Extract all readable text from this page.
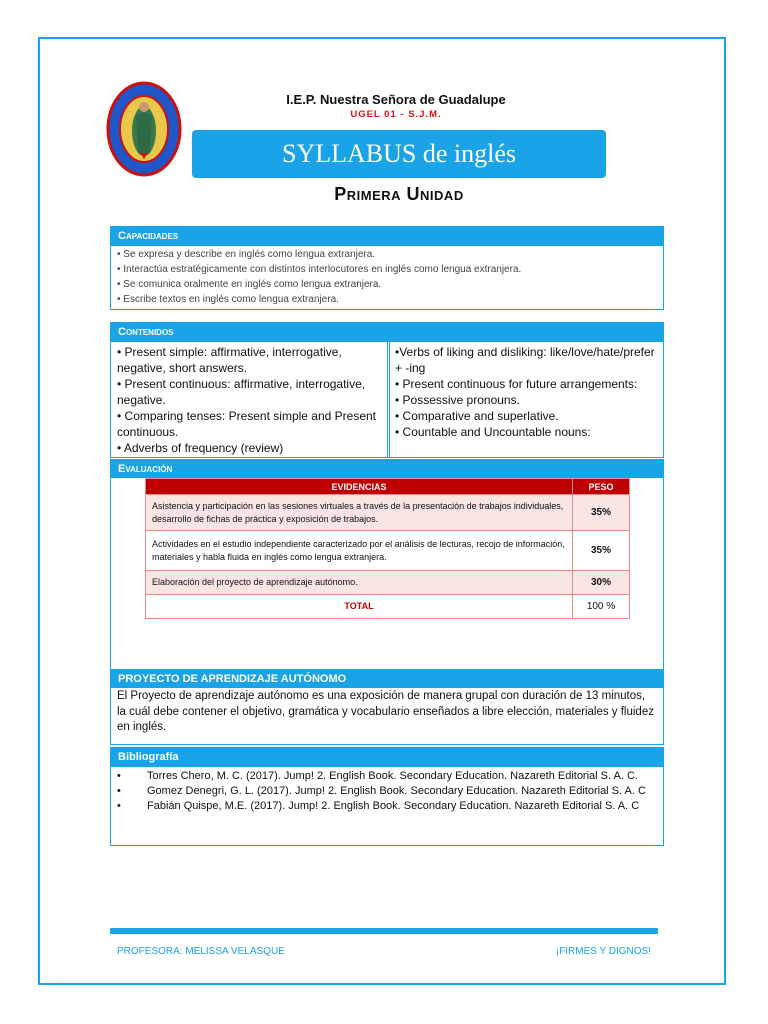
I.E.P. Nuestra Señora de Guadalupe
UGEL 01 - S.J.M.
SYLLABUS de inglés
Primera Unidad
Capacidades
• Se expresa y describe en inglés como lengua extranjera.
• Interactúa estratégicamente con distintos interlocutores en inglés como lengua extranjera.
• Se comunica oralmente en inglés como lengua extranjera.
• Escribe textos en inglés como lengua extranjera.
Contenidos
• Present simple: affirmative, interrogative, negative, short answers.
• Present continuous: affirmative, interrogative, negative.
• Comparing tenses: Present simple and Present continuous.
• Adverbs of frequency (review)
•Verbs of liking and disliking: like/love/hate/prefer + -ing
• Present continuous for future arrangements:
• Possessive pronouns.
• Comparative and superlative.
• Countable and Uncountable nouns:
Evaluación
EVIDENCIAS	PESO
Asistencia y participación en las sesiones virtuales a través de la presentación de trabajos individuales, desarrollo de fichas de práctica y exposición de trabajos.	35%
Actividades en el estudio independiente caracterizado por el análisis de lecturas, recojo de información, materiales y habla fluida en inglés como lengua extranjera.	35%
Elaboración del proyecto de aprendizaje autónomo.	30%
TOTAL	100 %
PROYECTO DE APRENDIZAJE AUTÓNOMO
El Proyecto de aprendizaje autónomo es una exposición de manera grupal con duración de 13 minutos, la cuál debe contener el objetivo, gramática y vocabulario enseñados a libre elección, materiales y fluidez en inglés.
Bibliografía
•	Torres Chero, M. C. (2017). Jump! 2. English Book. Secondary Education. Nazareth Editorial S. A. C.
•	Gomez Denegri, G. L. (2017). Jump! 2. English Book. Secondary Education. Nazareth Editorial S. A. C
•	Fabián Quispe, M.E. (2017). Jump! 2. English Book. Secondary Education. Nazareth Editorial S. A. C
PROFESORA: MELISSA VELASQUE	¡FIRMES Y DIGNOS!
